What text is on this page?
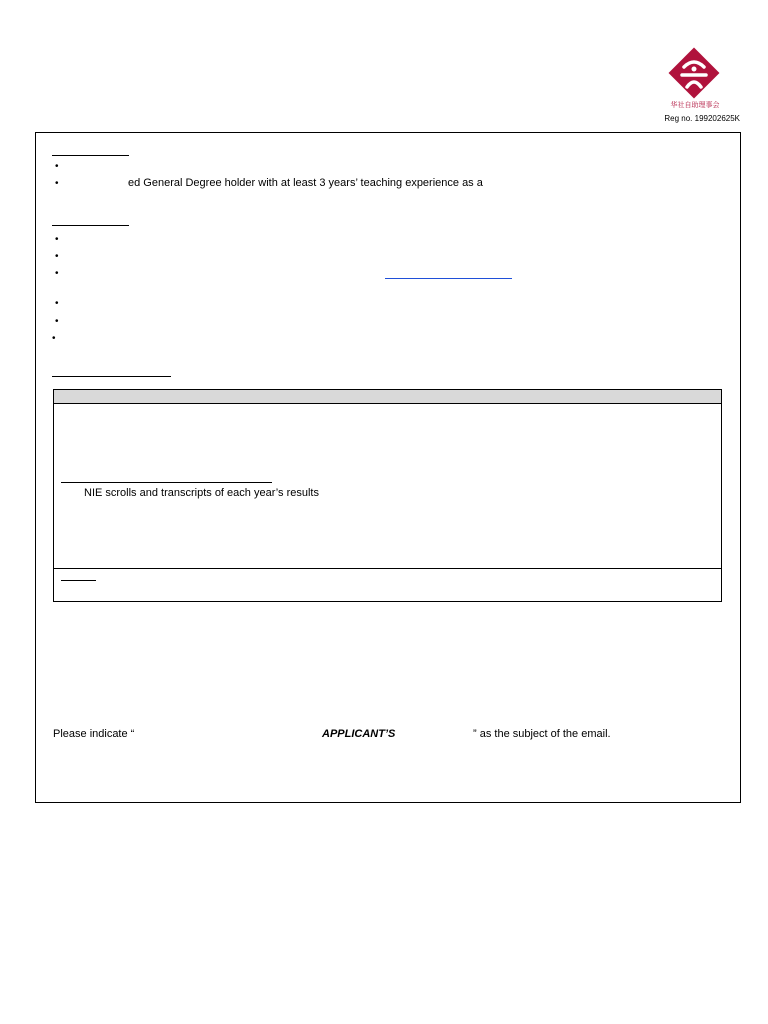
华社自助理事会
Reg no. 199202625K
•
•	ed General Degree holder with at least 3 years’ teaching experience as a
•
•
•
•
•
•
NIE scrolls and transcripts of each year’s results
Please indicate “	APPLICANT’S	” as the subject of the email.
